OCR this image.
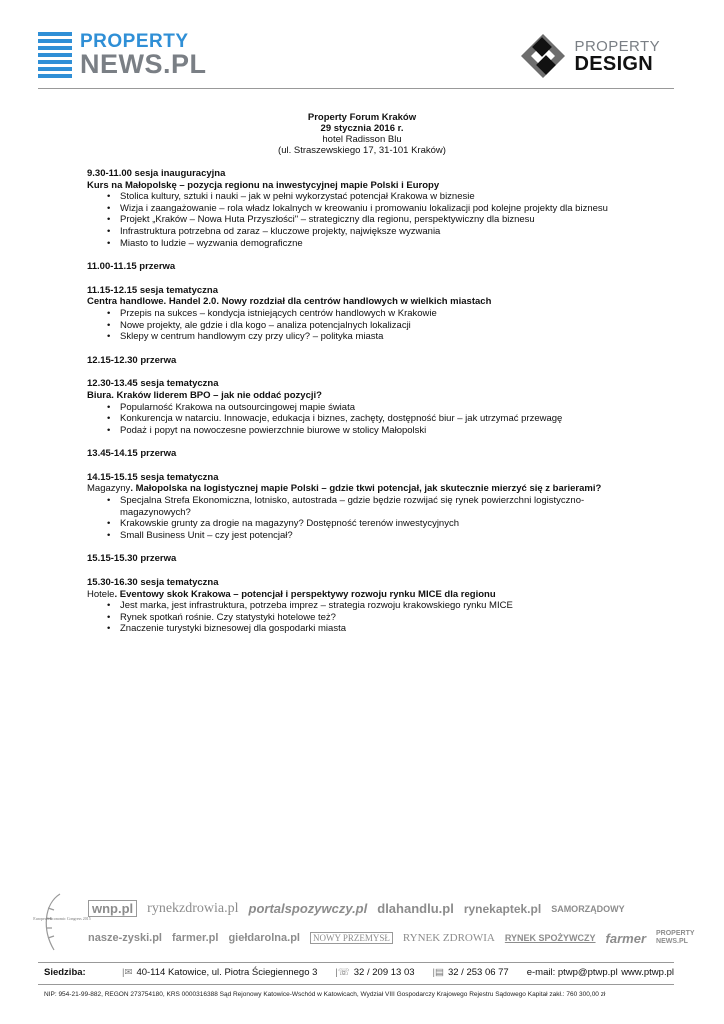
PROPERTY
NEWS.PL
PROPERTY
DESIGN
Property Forum Kraków
29 stycznia 2016 r.
hotel Radisson Blu
(ul. Straszewskiego 17, 31-101 Kraków)
9.30-11.00 sesja inauguracyjna
Kurs na Małopolskę – pozycja regionu na inwestycyjnej mapie Polski i Europy
• Stolica kultury, sztuki i nauki – jak w pełni wykorzystać potencjał Krakowa w biznesie
• Wizja i zaangażowanie – rola władz lokalnych w kreowaniu i promowaniu lokalizacji pod kolejne projekty dla biznesu
• Projekt „Kraków – Nowa Huta Przyszłości" – strategiczny dla regionu, perspektywiczny dla biznesu
• Infrastruktura potrzebna od zaraz – kluczowe projekty, największe wyzwania
• Miasto to ludzie – wyzwania demograficzne
11.00-11.15 przerwa
11.15-12.15 sesja tematyczna
Centra handlowe. Handel 2.0. Nowy rozdział dla centrów handlowych w wielkich miastach
• Przepis na sukces – kondycja istniejących centrów handlowych w Krakowie
• Nowe projekty, ale gdzie i dla kogo – analiza potencjalnych lokalizacji
• Sklepy w centrum handlowym czy przy ulicy? – polityka miasta
12.15-12.30 przerwa
12.30-13.45 sesja tematyczna
Biura. Kraków liderem BPO – jak nie oddać pozycji?
• Popularność Krakowa na outsourcingowej mapie świata
• Konkurencja w natarciu. Innowacje, edukacja i biznes, zachęty, dostępność biur – jak utrzymać przewagę
• Podaż i popyt na nowoczesne powierzchnie biurowe w stolicy Małopolski
13.45-14.15 przerwa
14.15-15.15 sesja tematyczna
Magazyny. Małopolska na logistycznej mapie Polski – gdzie tkwi potencjał, jak skutecznie mierzyć się z barierami?
• Specjalna Strefa Ekonomiczna, lotnisko, autostrada – gdzie będzie rozwijać się rynek powierzchni logistyczno-magazynowych?
• Krakowskie grunty za drogie na magazyny? Dostępność terenów inwestycyjnych
• Small Business Unit – czy jest potencjał?
15.15-15.30 przerwa
15.30-16.30 sesja tematyczna
Hotele. Eventowy skok Krakowa – potencjał i perspektywy rozwoju rynku MICE dla regionu
• Jest marka, jest infrastruktura, potrzeba imprez – strategia rozwoju krakowskiego rynku MICE
• Rynek spotkań rośnie. Czy statystyki hotelowe też?
• Znaczenie turystyki biznesowej dla gospodarki miasta
European Economic Congress 2015
wnp.pl rynekzdrowia.pl portalspozywczy.pl dlahandlu.pl rynekaptek.pl SAMORZĄDOWY
nasze-zyski.pl farmer.pl giełdarolna.pl	NOWY PRZEMYSŁ RYNEK ZDROWIA RYNEK SPOŻYWCZY farmer PROPERTY NEWS.PL
Siedziba:	|✉ 40-114 Katowice, ul. Piotra Ściegiennego 3 |☏ 32 / 209 13 03 |▤ 32 / 253 06 77 e-mail: ptwp@ptwp.pl www.ptwp.pl
NIP: 954-21-99-882, REGON 273754180, KRS 0000316388 Sąd Rejonowy Katowice-Wschód w Katowicach, Wydział VIII Gospodarczy Krajowego Rejestru Sądowego Kapitał zakł.: 760 300,00 zł
